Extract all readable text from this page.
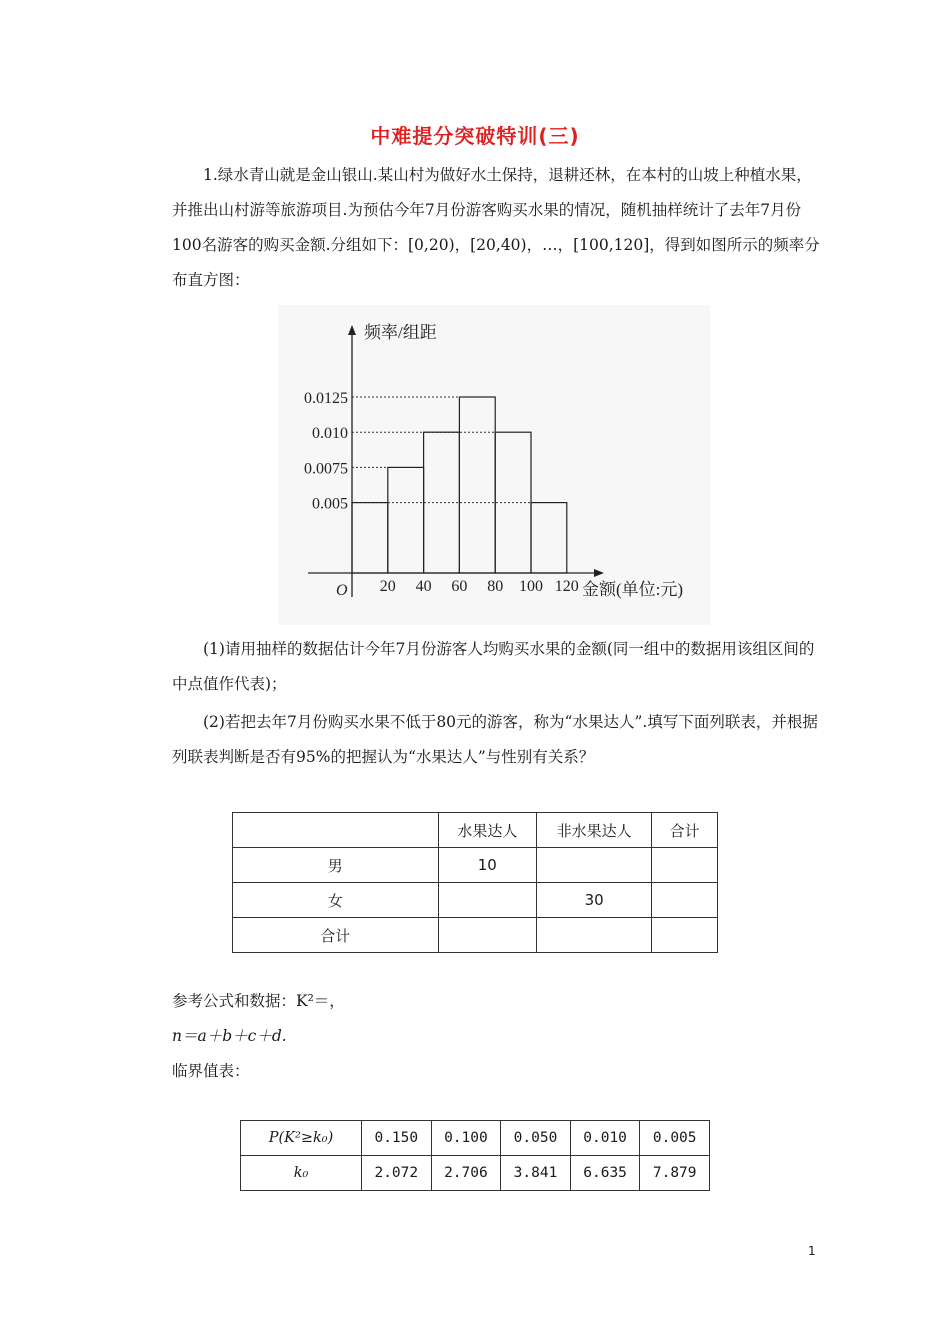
中难提分突破特训(三)

1.绿水青山就是金山银山.某山村为做好水土保持，退耕还林，在本村的山坡上种植水果，并推出山村游等旅游项目.为预估今年7月份游客购买水果的情况，随机抽样统计了去年7月份100名游客的购买金额.分组如下：[0,20)，[20,40)，…，[100,120]，得到如图所示的频率分布直方图：

频率/组距
金额(单位:元)
O
0.005
0.0075
0.010
0.0125
20 40 60 80 100 120

(1)请用抽样的数据估计今年7月份游客人均购买水果的金额(同一组中的数据用该组区间的中点值作代表)；

(2)若把去年7月份购买水果不低于80元的游客，称为“水果达人”.填写下面列联表，并根据列联表判断是否有95%的把握认为“水果达人”与性别有关系？

	水果达人	非水果达人	合计
男	10		
女		30	
合计			
参考公式和数据：K²＝，
n＝a＋b＋c＋d.
临界值表：
P(K²≥k₀)	0.150	0.100	0.050	0.010	0.005
k₀	2.072	2.706	3.841	6.635	7.879
1
